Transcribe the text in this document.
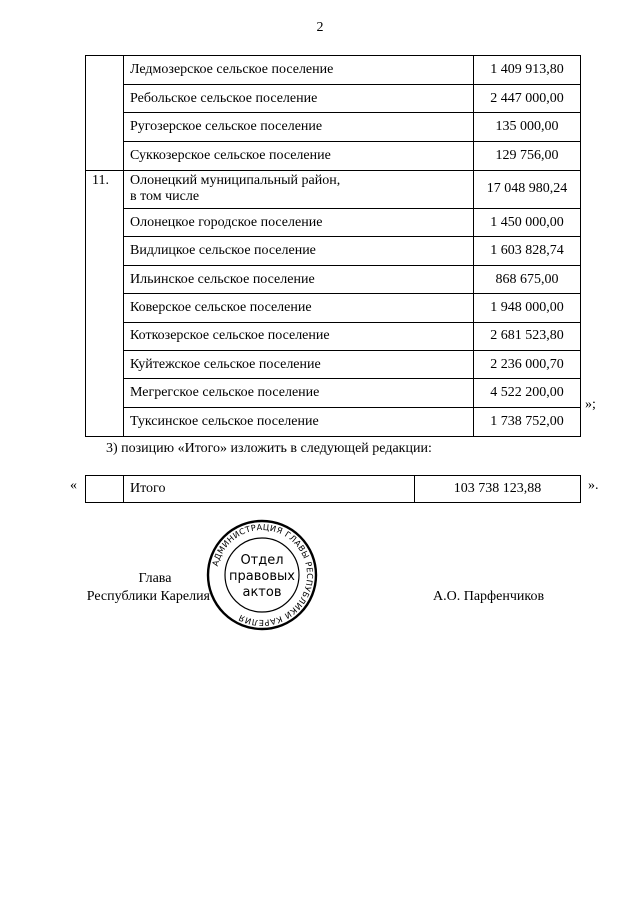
2
	Ледмозерское сельское поселение	1 409 913,80
	Ребольское сельское поселение	2 447 000,00
	Ругозерское сельское поселение	135 000,00
	Суккозерское сельское поселение	129 756,00
11.	Олонецкий муниципальный район,
в том числе	17 048 980,24
	Олонецкое городское поселение	1 450 000,00
	Видлицкое сельское поселение	1 603 828,74
	Ильинское сельское поселение	868 675,00
	Коверское сельское поселение	1 948 000,00
	Коткозерское сельское поселение	2 681 523,80
	Куйтежское сельское поселение	2 236 000,70
	Мегрегское сельское поселение	4 522 200,00
	Туксинское сельское поселение	1 738 752,00
»;
3) позицию «Итого» изложить в следующей редакции:
«
		Итого	103 738 123,88	».
Глава
Республики Карелия	А.О. Парфенчиков
АДМИНИСТРАЦИЯ ГЛАВЫ РЕСПУБЛИКИ КАРЕЛИЯ
Отдел
правовых
актов
